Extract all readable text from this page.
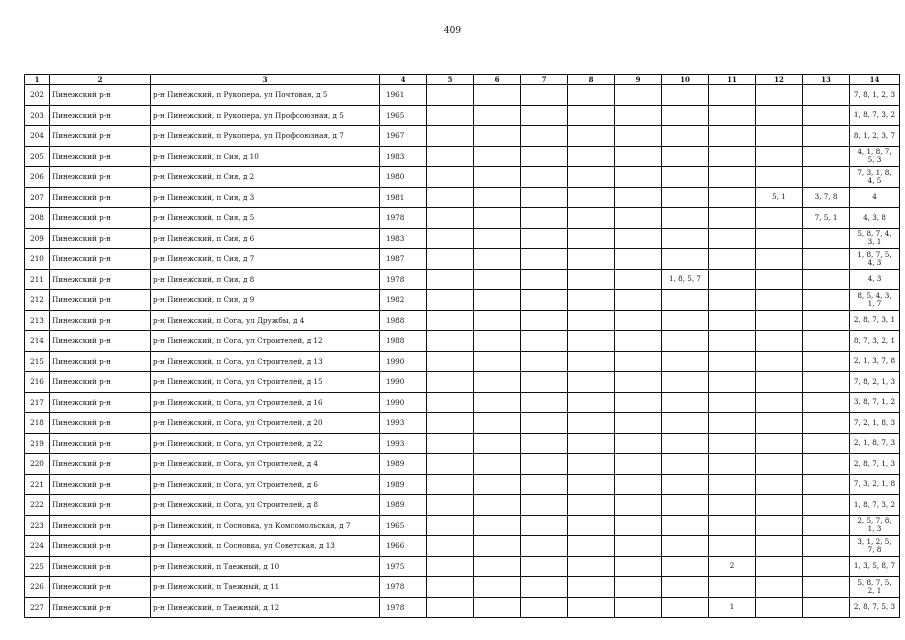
409
1	2	3	4	5	6	7	8	9	10	11	12	13	14
202	Пинежский р-н	р-н Пинежский, п Рукопера, ул Почтовая, д 5	1961										7, 8, 1, 2, 3
203	Пинежский р-н	р-н Пинежский, п Рукопера, ул Профсоюзная, д 5	1965										1, 8, 7, 3, 2
204	Пинежский р-н	р-н Пинежский, п Рукопера, ул Профсоюзная, д 7	1967										8, 1, 2, 3, 7
205	Пинежский р-н	р-н Пинежский, п Сия, д 10	1983										4, 1, 8, 7, 5, 3
206	Пинежский р-н	р-н Пинежский, п Сия, д 2	1980										7, 3, 1, 8, 4, 5
207	Пинежский р-н	р-н Пинежский, п Сия, д 3	1981								5, 1	3, 7, 8	4
208	Пинежский р-н	р-н Пинежский, п Сия, д 5	1978									7, 5, 1	4, 3, 8
209	Пинежский р-н	р-н Пинежский, п Сия, д 6	1983										5, 8, 7, 4, 3, 1
210	Пинежский р-н	р-н Пинежский, п Сия, д 7	1987										1, 8, 7, 5, 4, 3
211	Пинежский р-н	р-н Пинежский, п Сия, д 8	1978						1, 8, 5, 7				4, 3
212	Пинежский р-н	р-н Пинежский, п Сия, д 9	1982										8, 5, 4, 3, 1, 7
213	Пинежский р-н	р-н Пинежский, п Сога, ул Дружбы, д 4	1988										2, 8, 7, 3, 1
214	Пинежский р-н	р-н Пинежский, п Сога, ул Строителей, д 12	1988										8, 7, 3, 2, 1
215	Пинежский р-н	р-н Пинежский, п Сога, ул Строителей, д 13	1990										2, 1, 3, 7, 8
216	Пинежский р-н	р-н Пинежский, п Сога, ул Строителей, д 15	1990										7, 8, 2, 1, 3
217	Пинежский р-н	р-н Пинежский, п Сога, ул Строителей, д 16	1990										3, 8, 7, 1, 2
218	Пинежский р-н	р-н Пинежский, п Сога, ул Строителей, д 20	1993										7, 2, 1, 8, 3
219	Пинежский р-н	р-н Пинежский, п Сога, ул Строителей, д 22	1993										2, 1, 8, 7, 3
220	Пинежский р-н	р-н Пинежский, п Сога, ул Строителей, д 4	1989										2, 8, 7, 1, 3
221	Пинежский р-н	р-н Пинежский, п Сога, ул Строителей, д 6	1989										7, 3, 2, 1, 8
222	Пинежский р-н	р-н Пинежский, п Сога, ул Строителей, д 8	1989										1, 8, 7, 3, 2
223	Пинежский р-н	р-н Пинежский, п Сосновка, ул Комсомольская, д 7	1965										2, 5, 7, 8, 1, 3
224	Пинежский р-н	р-н Пинежский, п Сосновка, ул Советская, д 13	1966										3, 1, 2, 5, 7, 8
225	Пинежский р-н	р-н Пинежский, п Таежный, д 10	1975							2			1, 3, 5, 8, 7
226	Пинежский р-н	р-н Пинежский, п Таежный, д 11	1978										5, 8, 7, 5, 2, 1
227	Пинежский р-н	р-н Пинежский, п Таежный, д 12	1978							1			2, 8, 7, 5, 3
